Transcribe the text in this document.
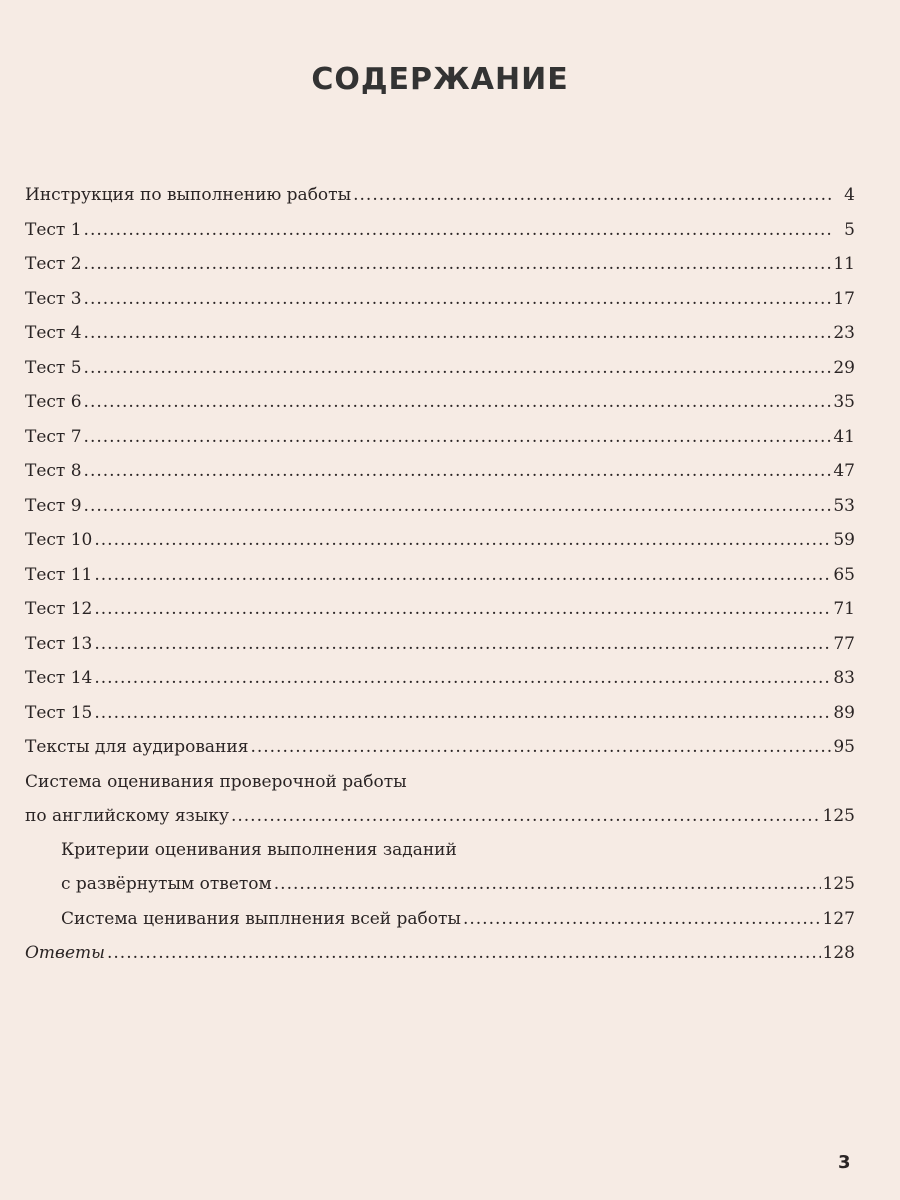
СОДЕРЖАНИЕ
Инструкция по выполнению работы .....	4
Тест 1 .....	5
Тест 2 .....	11
Тест 3 .....	17
Тест 4 .....	23
Тест 5 .....	29
Тест 6 .....	35
Тест 7 .....	41
Тест 8 .....	47
Тест 9 .....	53
Тест 10 .....	59
Тест 11 .....	65
Тест 12 .....	71
Тест 13 .....	77
Тест 14 .....	83
Тест 15 .....	89
Тексты для аудирования .....	95
Система оценивания проверочной работы
по английскому языку .....	125
Критерии оценивания выполнения заданий
с развёрнутым ответом .....	125
Система ценивания выплнения всей работы .....	127
Ответы .....	128
3
